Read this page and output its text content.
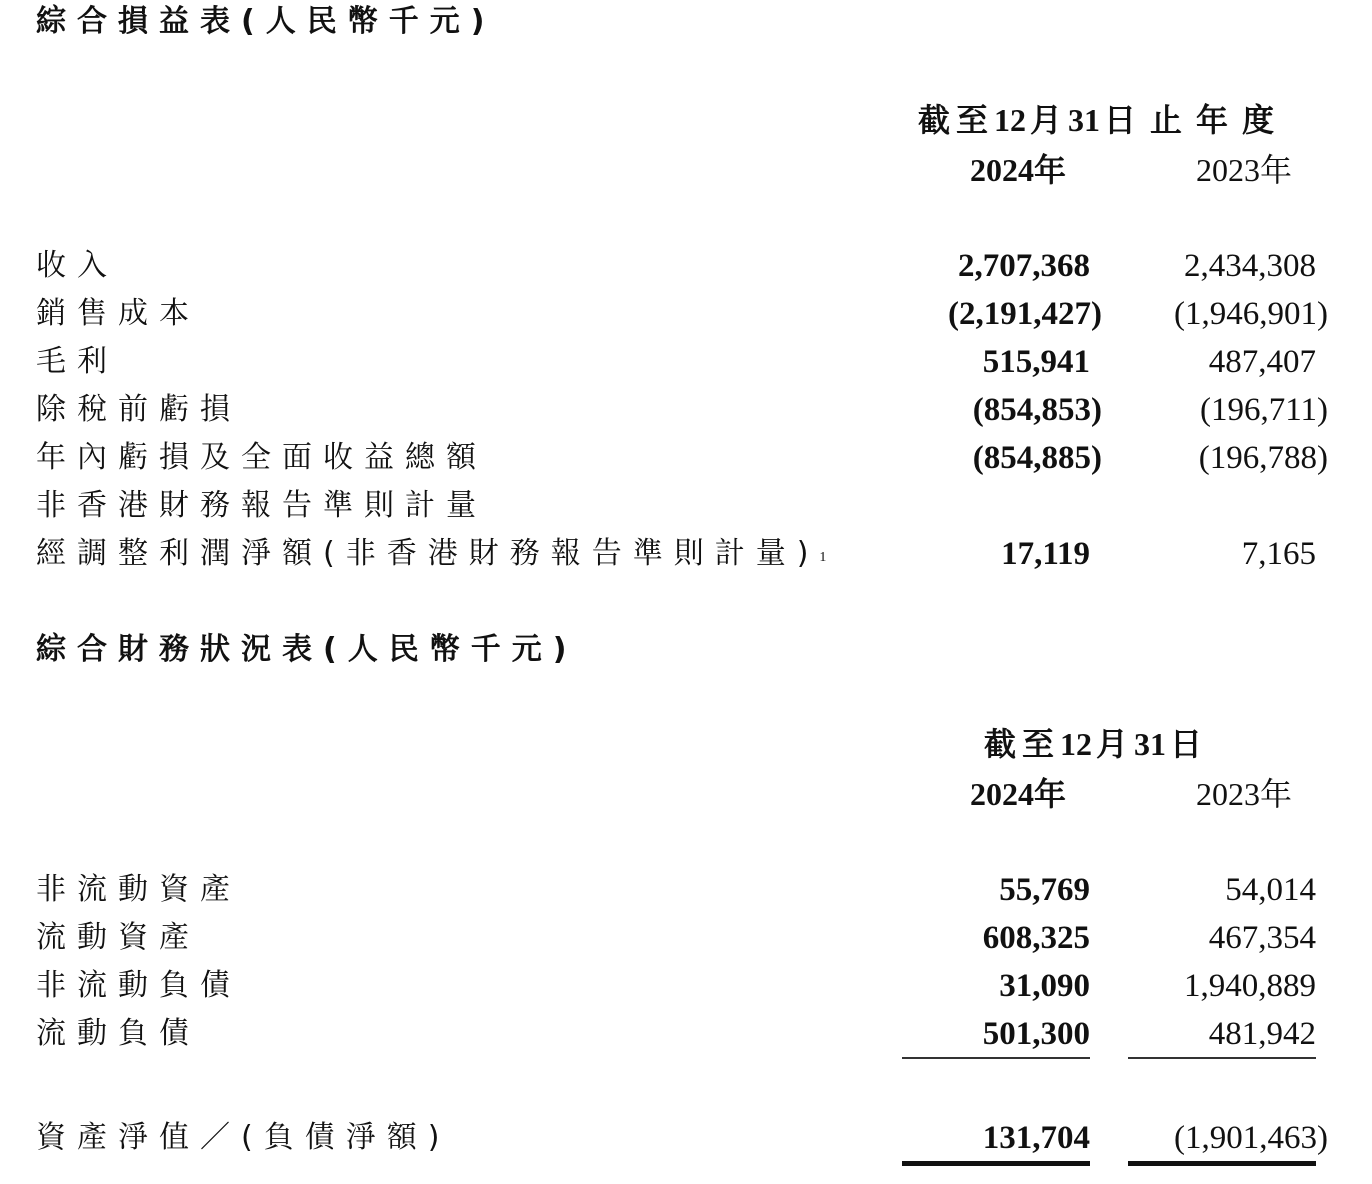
綜合損益表(人民幣千元)
截至12 月31 日止年度
2024年	2023年
收入	2,707,368	2,434,308
銷售成本	(2,191,427) (1,946,901)
毛利	515,941	487,407
除稅前虧損	(854,853)	(196,711)
年內虧損及全面收益總額	(854,885)	(196,788)
非香港財務報告準則計量
經調整利潤淨額(非香港財務報告準則計量)$^1$	17,119	7,165
綜合財務狀況表(人民幣千元)
截至12 月31 日
2024年	2023年
非流動資產	55,769	54,014
流動資產	608,325	467,354
非流動負債	31,090	1,940,889
流動負債	501,300	481,942
資產淨值／(負債淨額)	131,704	(1,901,463)
